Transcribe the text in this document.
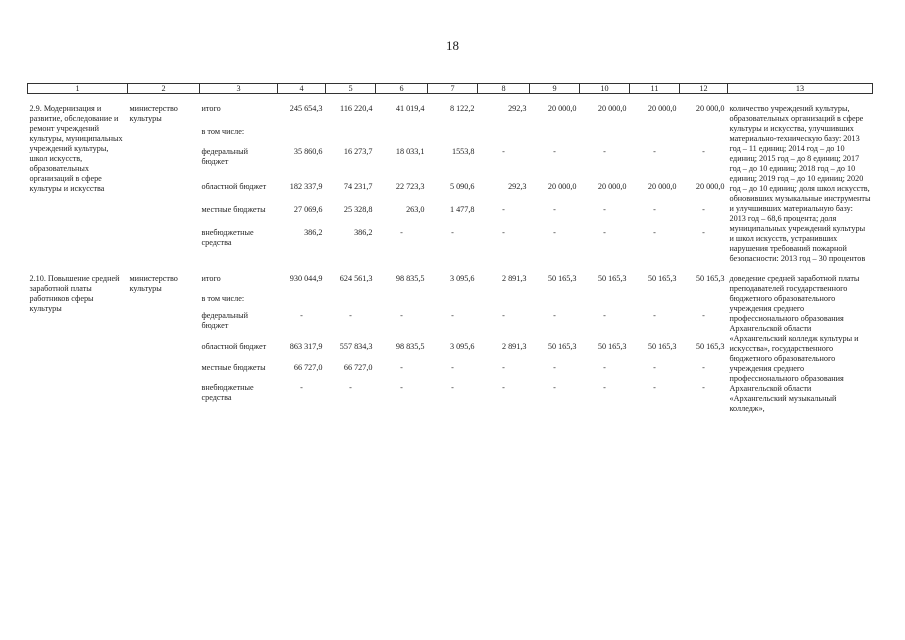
18
1	2	3	4	5	6	7	8	9	10	11	12	13

2.9. Модернизация и развитие, обследование и ремонт учреждений культуры, муниципальных учреждений культуры, школ искусств, образовательных организаций в сфере культуры и искусства	министерство культуры	итого	245 654,3	116 220,4	41 019,4	8 122,2	292,3	20 000,0	20 000,0	20 000,0	20 000,0	количество учреждений культуры, образовательных организаций в сфере культуры и искусства, улучшивших материально-техническую базу: 2013 год – 11 единиц; 2014 год – до 10 единиц; 2015 год – до 8 единиц; 2017 год – до 10 единиц; 2018 год – до 10 единиц; 2019 год – до 10 единиц; 2020 год – до 10 единиц; доля школ искусств, обновивших музыкальные инструменты и улучшивших материальную базу: 2013 год – 68,6 процента; доля муниципальных учреждений культуры и школ искусств, устранивших нарушения требований пожарной безопасности: 2013 год – 30 процентов
		в том числе:										
		федеральный бюджет	35 860,6	16 273,7	18 033,1	1553,8	-	-	-	-	-	
		областной бюджет	182 337,9	74 231,7	22 723,3	5 090,6	292,3	20 000,0	20 000,0	20 000,0	20 000,0	
		местные бюджеты	27 069,6	25 328,8	263,0	1 477,8	-	-	-	-	-	
		внебюджетные средства	386,2	386,2	-	-	-	-	-	-	-	

2.10. Повышение средней заработной платы работников сферы культуры	министерство культуры	итого	930 044,9	624 561,3	98 835,5	3 095,6	2 891,3	50 165,3	50 165,3	50 165,3	50 165,3	доведение средней заработной платы преподавателей государственного бюджетного образовательного учреждения среднего профессионального образования Архангельской области «Архангельский колледж культуры и искусства», государственного бюджетного образовательного учреждения среднего профессионального образования Архангельской области «Архангельский музыкальный колледж»,
		в том числе:										
		федеральный бюджет	-	-	-	-	-	-	-	-	-	
		областной бюджет	863 317,9	557 834,3	98 835,5	3 095,6	2 891,3	50 165,3	50 165,3	50 165,3	50 165,3	
		местные бюджеты	66 727,0	66 727,0	-	-	-	-	-	-	-	
		внебюджетные средства	-	-	-	-	-	-	-	-	-	
